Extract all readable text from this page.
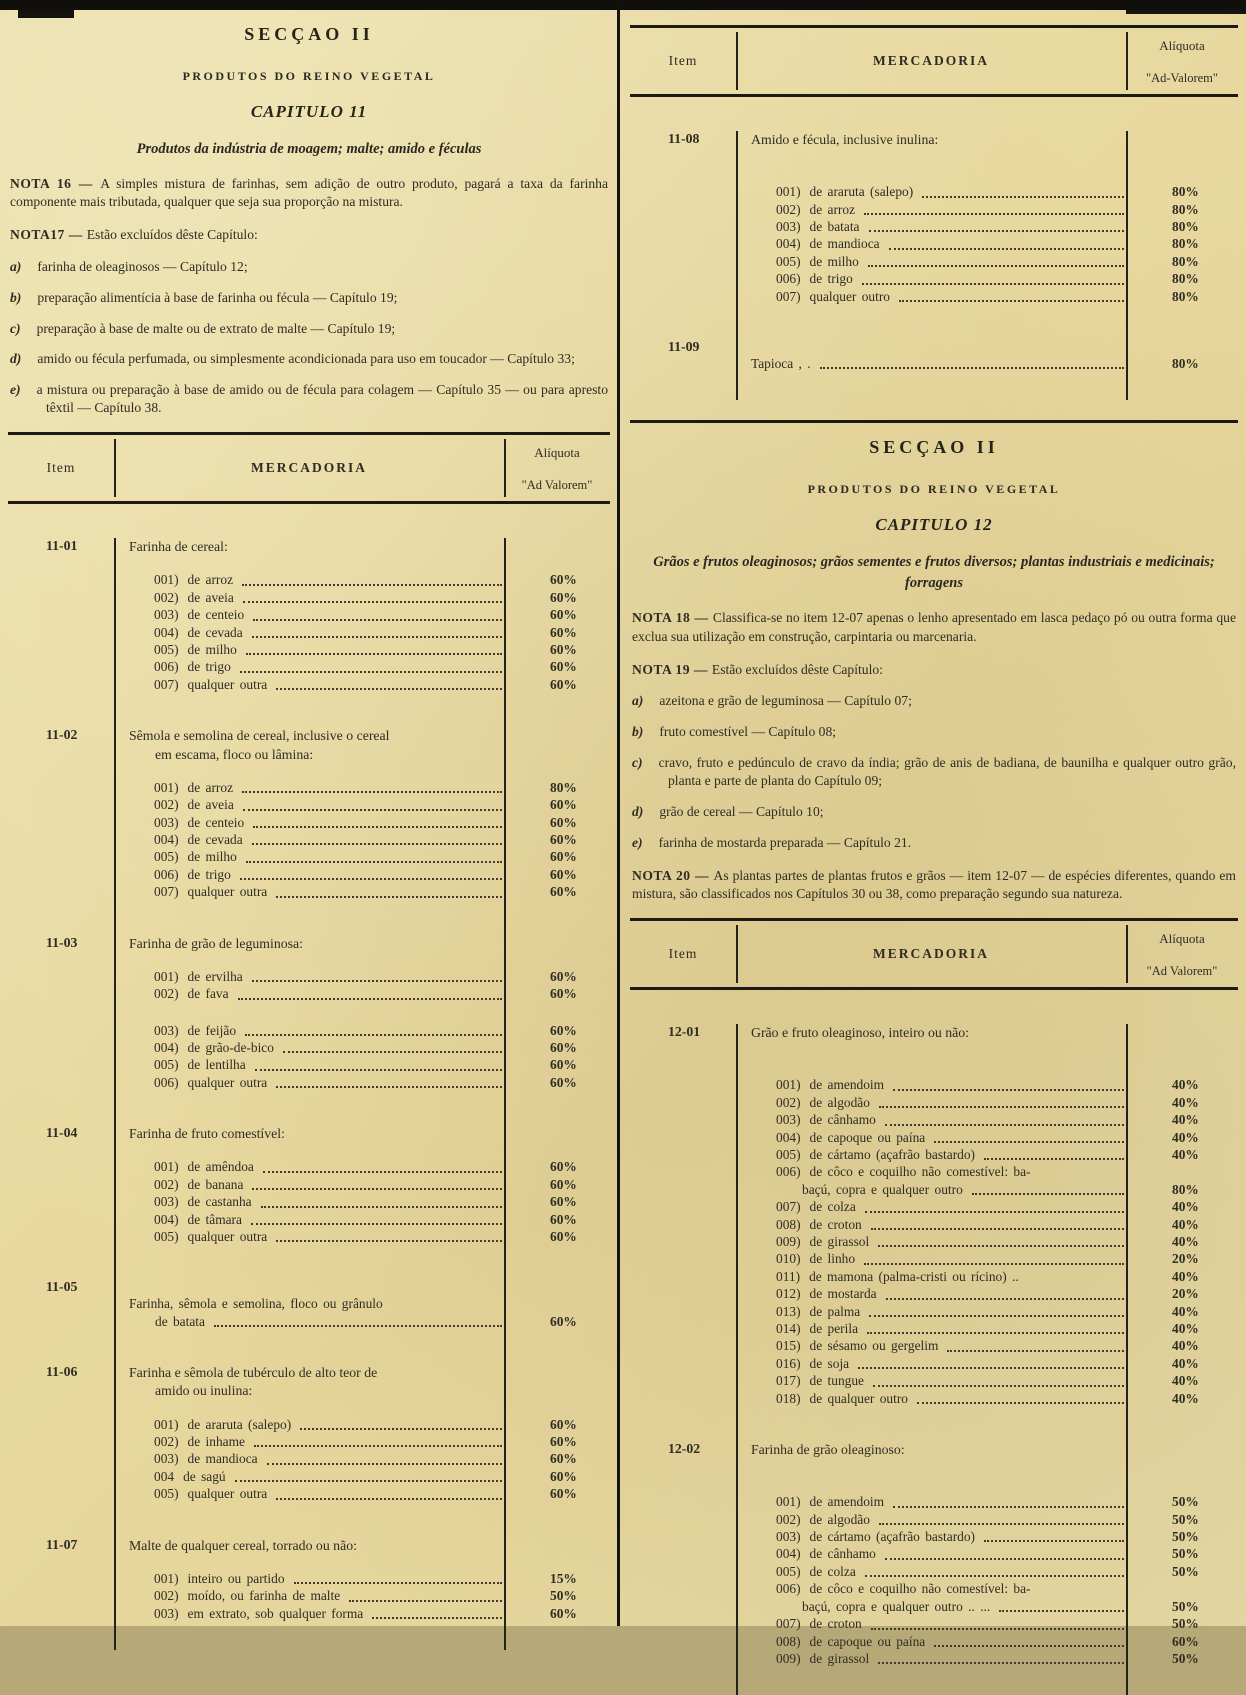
SECÇAO II
PRODUTOS DO REINO VEGETAL
CAPITULO 11
Produtos da indústria de moagem; malte; amido e féculas

NOTA 16 — A simples mistura de farinhas, sem adição de outro produto, pagará a taxa da farinha componente mais tributada, qualquer que seja sua proporção na mistura.

NOTA17 — Estão excluídos dêste Capítulo:

a) farinha de oleaginosos — Capítulo 12;

b) preparação alimentícia à base de farinha ou fécula — Capítulo 19;

c) preparação à base de malte ou de extrato de malte — Capítulo 19;

d) amido ou fécula perfumada, ou simplesmente acondicionada para uso em toucador — Capítulo 33;

e) a mistura ou preparação à base de amido ou de fécula para colagem — Capítulo 35 — ou para apresto têxtil — Capítulo 38.

Item	MERCADORIA
Alíquota
"Ad Valorem"
11-01	Farinha de cereal:
001) de arroz	60%
002) de aveia	60%
003) de centeio	60%
004) de cevada	60%
005) de milho	60%
006) de trigo	60%
007) qualquer outra	60%
11-02	Sêmola e semolina de cereal, inclusive o cereal
em escama, floco ou lâmina:
001) de arroz	80%
002) de aveia	60%
003) de centeio	60%
004) de cevada	60%
005) de milho	60%
006) de trigo	60%
007) qualquer outra	60%
11-03	Farinha de grão de leguminosa:
001) de ervilha	60%
002) de fava	60%
003) de feijão	60%
004) de grão-de-bico	60%
005) de lentilha	60%
006) qualquer outra	60%
11-04	Farinha de fruto comestível:
001) de amêndoa	60%
002) de banana	60%
003) de castanha	60%
004) de tâmara	60%
005) qualquer outra	60%
11-05
Farinha, sêmola e semolina, floco ou grânulo
de batata	60%
11-06	Farinha e sêmola de tubérculo de alto teor de
amido ou inulina:
001) de araruta (salepo)	60%
002) de inhame	60%
003) de mandioca	60%
004 de sagú	60%
005) qualquer outra	60%
11-07	Malte de qualquer cereal, torrado ou não:
001) inteiro ou partido	15%
002) moído, ou farinha de malte	50%
003) em extrato, sob qualquer forma	60%
Item	MERCADORIA
Alíquota
"Ad-Valorem"
11-08	Amido e fécula, inclusive inulina:
001) de araruta (salepo)	80%
002) de arroz	80%
003) de batata	80%
004) de mandioca	80%
005) de milho	80%
006) de trigo	80%
007) qualquer outro	80%
11-09
Tapioca , .	80%
SECÇAO II
PRODUTOS DO REINO VEGETAL
CAPITULO 12
Grãos e frutos oleaginosos; grãos sementes e frutos diversos; plantas industriais e medicinais; forragens

NOTA 18 — Classifica-se no item 12-07 apenas o lenho apresentado em lasca pedaço pó ou outra forma que exclua sua utilização em construção, carpintaria ou marcenaria.

NOTA 19 — Estão excluídos dêste Capítulo:

a) azeitona e grão de leguminosa — Capítulo 07;

b) fruto comestível — Capítulo 08;

c) cravo, fruto e pedúnculo de cravo da índia; grão de anis de badiana, de baunilha e qualquer outro grão, planta e parte de planta do Capítulo 09;

d) grão de cereal — Capítulo 10;

e) farinha de mostarda preparada — Capítulo 21.

NOTA 20 — As plantas partes de plantas frutos e grãos — item 12-07 — de espécies diferentes, quando em mistura, são classificados nos Capítulos 30 ou 38, como preparação segundo sua natureza.

Item	MERCADORIA
Alíquota
"Ad Valorem"
12-01	Grão e fruto oleaginoso, inteiro ou não:
001) de amendoim	40%
002) de algodão	40%
003) de cânhamo	40%
004) de capoque ou paína	40%
005) de cártamo (açafrão bastardo)	40%
006) de côco e coquilho não comestível: ba-
baçú, copra e qualquer outro	80%
007) de colza	40%
008) de croton	40%
009) de girassol	40%
010) de linho	20%
011) de mamona (palma-cristi ou rícino) ..	40%
012) de mostarda	20%
013) de palma	40%
014) de perila	40%
015) de sésamo ou gergelim	40%
016) de soja	40%
017) de tungue	40%
018) de qualquer outro	40%
12-02	Farinha de grão oleaginoso:
001) de amendoim	50%
002) de algodão	50%
003) de cártamo (açafrão bastardo)	50%
004) de cânhamo	50%
005) de colza	50%
006) de côco e coquilho não comestível: ba-
baçú, copra e qualquer outro .. ...	50%
007) de croton	50%
008) de capoque ou paína	60%
009) de girassol	50%
